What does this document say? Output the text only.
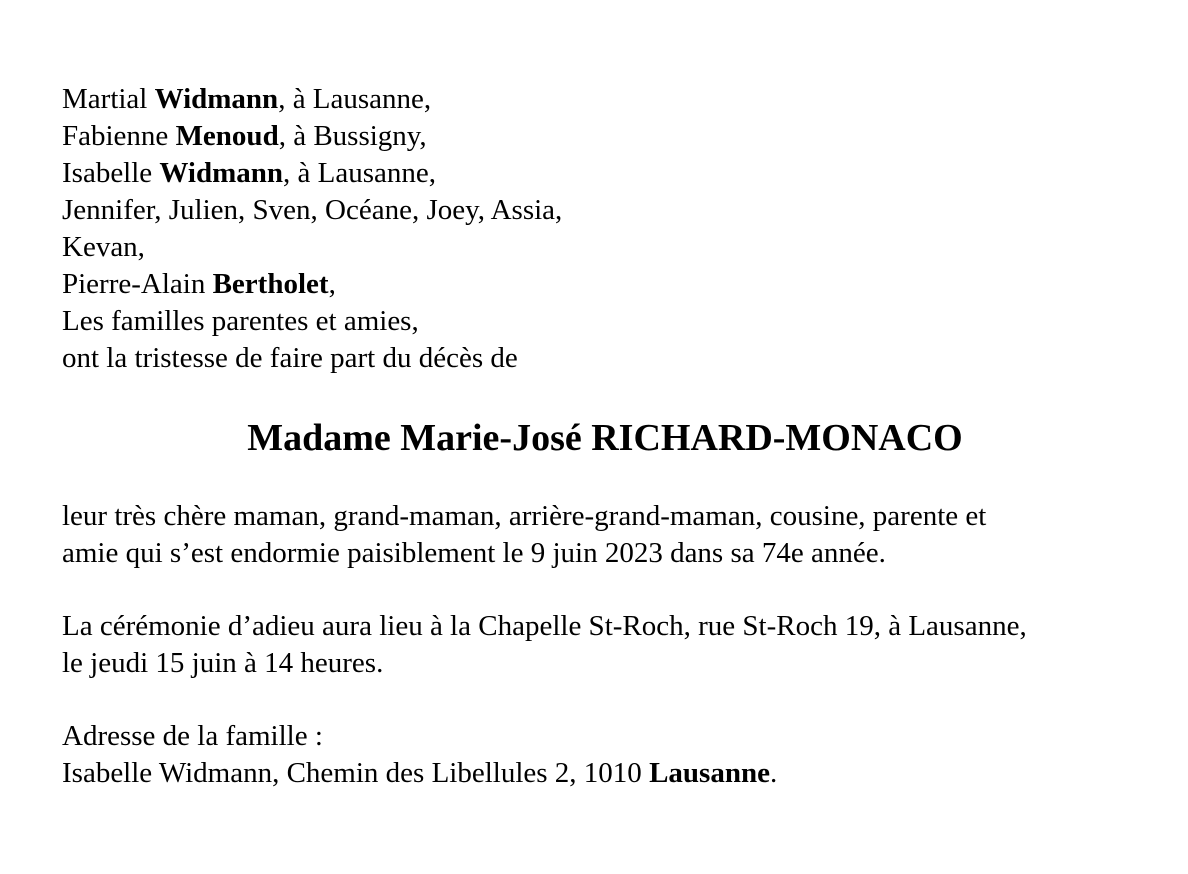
Martial Widmann, à Lausanne,
Fabienne Menoud, à Bussigny,
Isabelle Widmann, à Lausanne,
Jennifer, Julien, Sven, Océane, Joey, Assia,
Kevan,
Pierre-Alain Bertholet,
Les familles parentes et amies,
ont la tristesse de faire part du décès de
Madame Marie-José RICHARD-MONACO
leur très chère maman, grand-maman, arrière-grand-maman, cousine, parente et
amie qui s’est endormie paisiblement le 9 juin 2023 dans sa 74e année.
La cérémonie d’adieu aura lieu à la Chapelle St-Roch, rue St-Roch 19, à Lausanne,
le jeudi 15 juin à 14 heures.
Adresse de la famille :
Isabelle Widmann, Chemin des Libellules 2, 1010 Lausanne.
